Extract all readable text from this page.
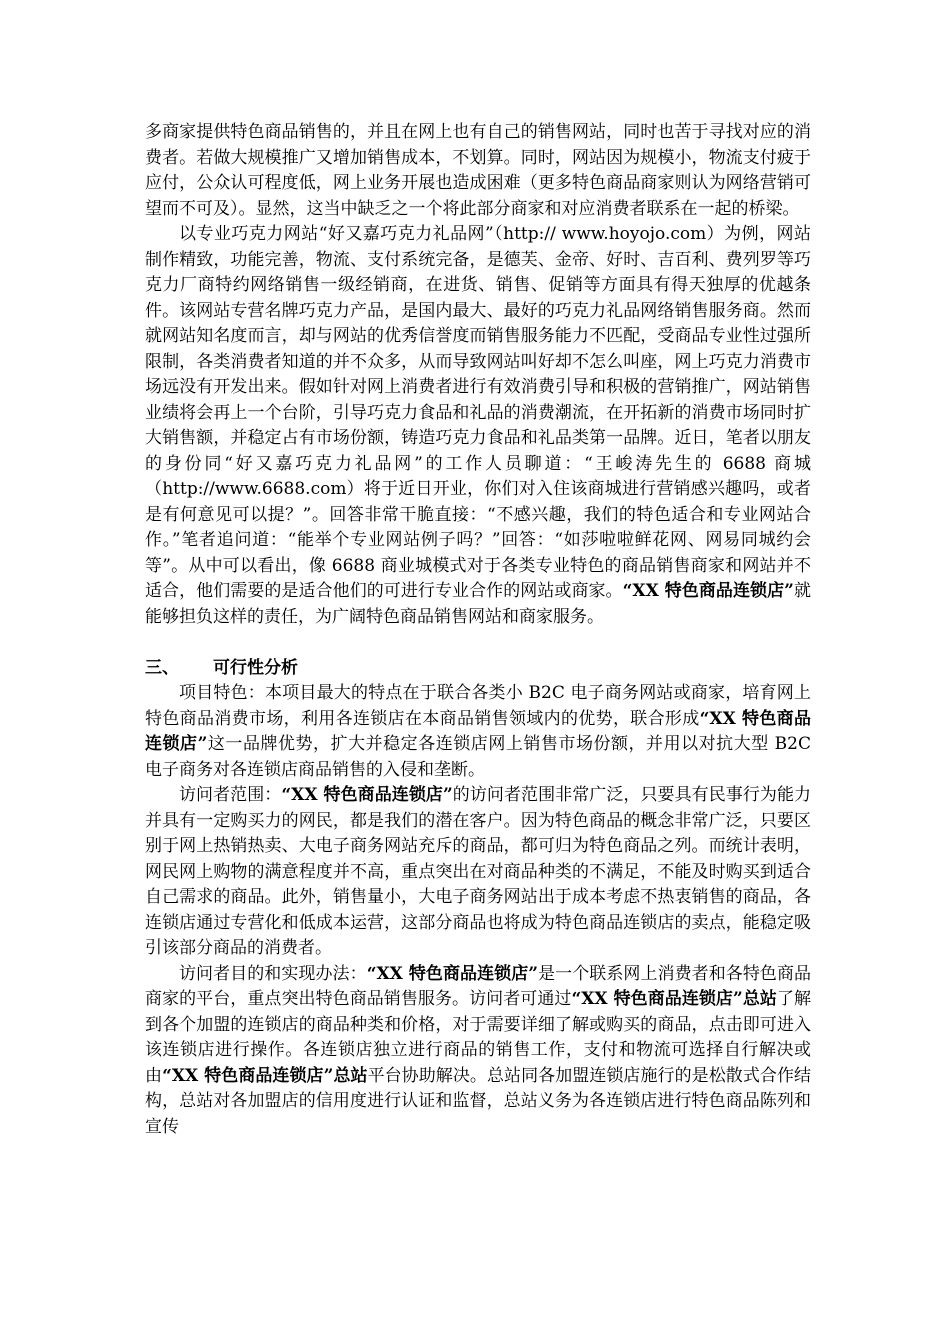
多商家提供特色商品销售的，并且在网上也有自己的销售网站，同时也苦于寻找对应的消费者。若做大规模推广又增加销售成本，不划算。同时，网站因为规模小，物流支付疲于应付，公众认可程度低，网上业务开展也造成困难（更多特色商品商家则认为网络营销可望而不可及）。显然，这当中缺乏之一个将此部分商家和对应消费者联系在一起的桥梁。

以专业巧克力网站“好又嘉巧克力礼品网”（http:// www.hoyojo.com）为例，网站制作精致，功能完善，物流、支付系统完备，是德芙、金帝、好时、吉百利、费列罗等巧克力厂商特约网络销售一级经销商，在进货、销售、促销等方面具有得天独厚的优越条件。该网站专营名牌巧克力产品，是国内最大、最好的巧克力礼品网络销售服务商。然而就网站知名度而言，却与网站的优秀信誉度而销售服务能力不匹配，受商品专业性过强所限制，各类消费者知道的并不众多，从而导致网站叫好却不怎么叫座，网上巧克力消费市场远没有开发出来。假如针对网上消费者进行有效消费引导和积极的营销推广，网站销售业绩将会再上一个台阶，引导巧克力食品和礼品的消费潮流，在开拓新的消费市场同时扩大销售额，并稳定占有市场份额，铸造巧克力食品和礼品类第一品牌。近日，笔者以朋友的身份同“好又嘉巧克力礼品网”的工作人员聊道：“王峻涛先生的 6688 商城（http://www.6688.com）将于近日开业，你们对入住该商城进行营销感兴趣吗，或者是有何意见可以提？”。回答非常干脆直接：“不感兴趣，我们的特色适合和专业网站合作。”笔者追问道：“能举个专业网站例子吗？”回答：“如莎啦啦鲜花网、网易同城约会等”。从中可以看出，像 6688 商业城模式对于各类专业特色的商品销售商家和网站并不适合，他们需要的是适合他们的可进行专业合作的网站或商家。“XX 特色商品连锁店”就能够担负这样的责任，为广阔特色商品销售网站和商家服务。

三、	可行性分析

项目特色：本项目最大的特点在于联合各类小 B2C 电子商务网站或商家，培育网上特色商品消费市场，利用各连锁店在本商品销售领域内的优势，联合形成“XX 特色商品连锁店”这一品牌优势，扩大并稳定各连锁店网上销售市场份额，并用以对抗大型 B2C 电子商务对各连锁店商品销售的入侵和垄断。

访问者范围：“XX 特色商品连锁店”的访问者范围非常广泛，只要具有民事行为能力并具有一定购买力的网民，都是我们的潜在客户。因为特色商品的概念非常广泛，只要区别于网上热销热卖、大电子商务网站充斥的商品，都可归为特色商品之列。而统计表明，网民网上购物的满意程度并不高，重点突出在对商品种类的不满足，不能及时购买到适合自己需求的商品。此外，销售量小，大电子商务网站出于成本考虑不热衷销售的商品，各连锁店通过专营化和低成本运营，这部分商品也将成为特色商品连锁店的卖点，能稳定吸引该部分商品的消费者。

访问者目的和实现办法：“XX 特色商品连锁店”是一个联系网上消费者和各特色商品商家的平台，重点突出特色商品销售服务。访问者可通过“XX 特色商品连锁店”总站了解到各个加盟的连锁店的商品种类和价格，对于需要详细了解或购买的商品，点击即可进入该连锁店进行操作。各连锁店独立进行商品的销售工作，支付和物流可选择自行解决或由“XX 特色商品连锁店”总站平台协助解决。总站同各加盟连锁店施行的是松散式合作结构，总站对各加盟店的信用度进行认证和监督，总站义务为各连锁店进行特色商品陈列和宣传
